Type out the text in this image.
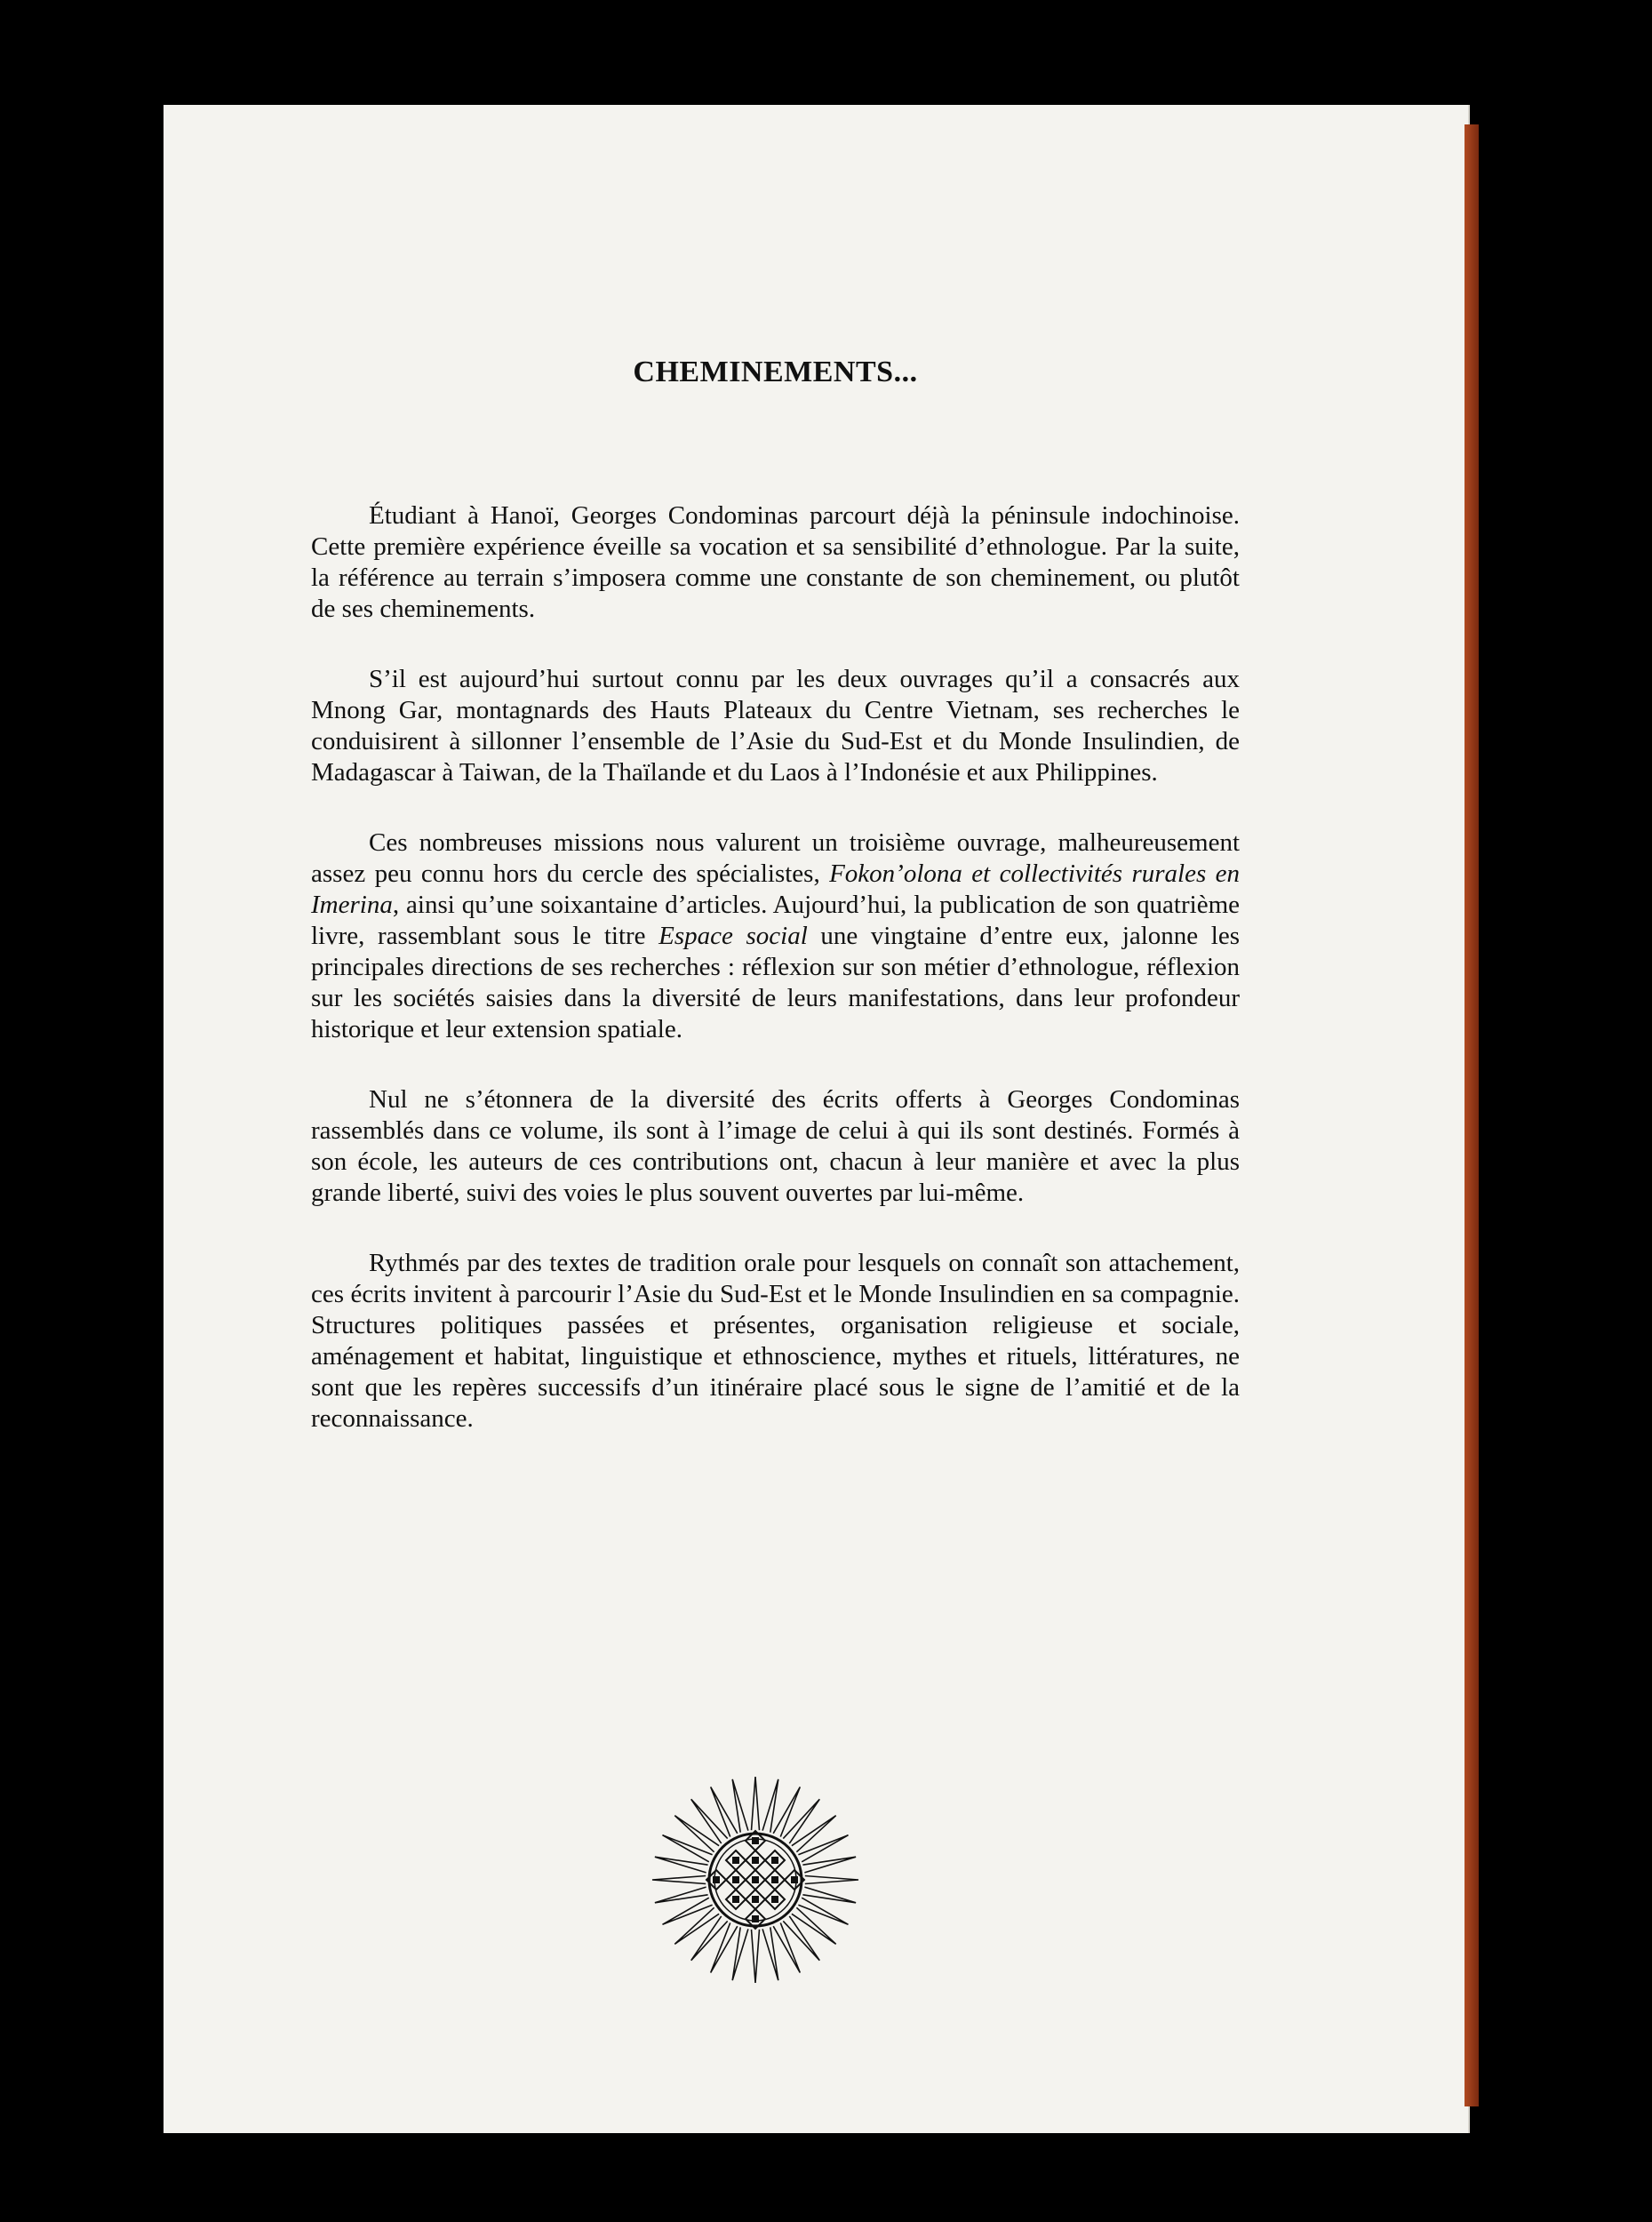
CHEMINEMENTS...

Étudiant à Hanoï, Georges Condominas parcourt déjà la péninsule indochinoise. Cette première expérience éveille sa vocation et sa sensibilité d’ethnologue. Par la suite, la référence au terrain s’imposera comme une constante de son cheminement, ou plutôt de ses cheminements.

S’il est aujourd’hui surtout connu par les deux ouvrages qu’il a consacrés aux Mnong Gar, montagnards des Hauts Plateaux du Centre Vietnam, ses recherches le conduisirent à sillonner l’ensemble de l’Asie du Sud-Est et du Monde Insulindien, de Madagascar à Taiwan, de la Thaïlande et du Laos à l’Indonésie et aux Philippines.

Ces nombreuses missions nous valurent un troisième ouvrage, malheureusement assez peu connu hors du cercle des spécialistes, Fokon’olona et collectivités rurales en Imerina, ainsi qu’une soixantaine d’articles. Aujourd’hui, la publication de son quatrième livre, rassemblant sous le titre Espace social une vingtaine d’entre eux, jalonne les principales directions de ses recherches : réflexion sur son métier d’ethnologue, réflexion sur les sociétés saisies dans la diversité de leurs manifestations, dans leur profondeur historique et leur extension spatiale.

Nul ne s’étonnera de la diversité des écrits offerts à Georges Condominas rassemblés dans ce volume, ils sont à l’image de celui à qui ils sont destinés. Formés à son école, les auteurs de ces contributions ont, chacun à leur manière et avec la plus grande liberté, suivi des voies le plus souvent ouvertes par lui-même.

Rythmés par des textes de tradition orale pour lesquels on connaît son attachement, ces écrits invitent à parcourir l’Asie du Sud-Est et le Monde Insulindien en sa compagnie. Structures politiques passées et présentes, organisation religieuse et sociale, aménagement et habitat, linguistique et ethnoscience, mythes et rituels, littératures, ne sont que les repères successifs d’un itinéraire placé sous le signe de l’amitié et de la reconnaissance.
